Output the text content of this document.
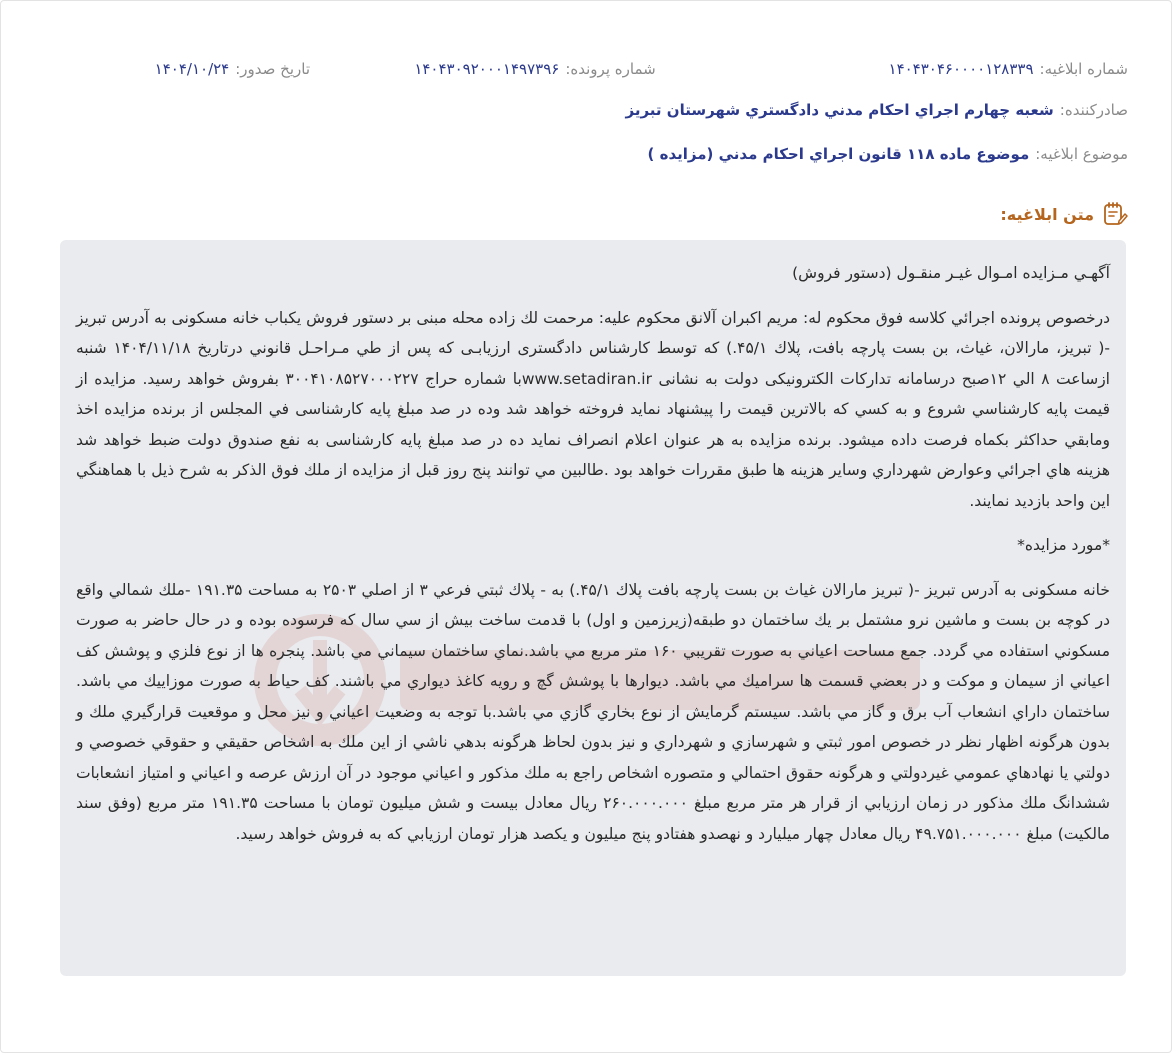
شماره ابلاغيه:
۱۴۰۴۳۰۴۶۰۰۰۰۱۲۸۳۳۹
شماره پرونده:
۱۴۰۴۳۰۹۲۰۰۰۱۴۹۷۳۹۶
تاريخ صدور:
۱۴۰۴/۱۰/۲۴
صادرکننده:
شعبه چهارم اجراي احكام مدني دادگستري شهرستان تبريز
موضوع ابلاغيه:
موضوع ماده ۱۱۸ قانون اجراي احكام مدني (مزايده )
متن ابلاغيه:

آگهـي مـزايده امـوال غيـر منقـول (دستور فروش)

درخصوص پرونده اجرائي كلاسه فوق محكوم له: مريم اكبران آلانق محكوم عليه: مرحمت لك زاده محله مبنی بر دستور فروش يكباب خانه مسكونی به آدرس تبريز -( تبريز، مارالان، غياث، بن بست پارچه بافت، پلاك ۴۵/۱.) كه توسط كارشناس دادگستری ارزيابـی كه پس از طي مـراحـل قانوني درتاريخ ۱۴۰۴/۱۱/۱۸ شنبه ازساعت ۸ الي ۱۲صبح درسامانه تداركات الكترونيكی دولت به نشانی www.setadiran.irبا شماره حراج ۳۰۰۴۱۰۸۵۲۷۰۰۰۲۲۷ بفروش خواهد رسيد. مزايده از قيمت پايه كارشناسي شروع و به كسي كه بالاترين قيمت را پيشنهاد نمايد فروخته خواهد شد وده در صد مبلغ پايه كارشناسی في المجلس از برنده مزايده اخذ ومابقي حداكثر بكماه فرصت داده ميشود. برنده مزايده به هر عنوان اعلام انصراف نمايد ده در صد مبلغ پايه كارشناسی به نفع صندوق دولت ضبط خواهد شد هزينه هاي اجرائي وعوارض شهرداري وساير هزينه ها طبق مقررات خواهد بود .طالبين مي توانند پنج روز قبل از مزايده از ملك فوق الذكر به شرح ذيل با هماهنگي اين واحد بازديد نمايند.

*مورد مزايده*

خانه مسكونی به آدرس تبريز -( تبريز مارالان غياث بن بست پارچه بافت پلاك ۴۵/۱.) به - پلاك ثبتي فرعي ۳ از اصلي ۲۵۰۳ به مساحت ۱۹۱.۳۵ -ملك شمالي واقع در كوچه بن بست و ماشين نرو مشتمل بر يك ساختمان دو طبقه(زيرزمين و اول) با قدمت ساخت بيش از سي سال كه فرسوده بوده و در حال حاضر به صورت مسكوني استفاده مي گردد. جمع مساحت اعياني به صورت تقريبي ۱۶۰ متر مربع مي باشد.نماي ساختمان سيماني مي باشد. پنجره ها از نوع فلزي و پوشش كف اعياني از سيمان و موكت و در بعضي قسمت ها سراميك مي باشد. ديوارها با پوشش گچ و رويه كاغذ ديواري مي باشند. كف حياط به صورت موزاييك مي باشد. ساختمان داراي انشعاب آب برق و گاز مي باشد. سيستم گرمايش از نوع بخاري گازي مي باشد.با توجه به وضعيت اعياني و نيز محل و موقعيت قرارگيري ملك و بدون هرگونه اظهار نظر در خصوص امور ثبتي و شهرسازي و شهرداري و نيز بدون لحاظ هرگونه بدهي ناشي از اين ملك به اشخاص حقيقي و حقوقي خصوصي و دولتي يا نهادهاي عمومي غيردولتي و هرگونه حقوق احتمالي و متصوره اشخاص راجع به ملك مذكور و اعياني موجود در آن ارزش عرصه و اعياني و امتياز انشعابات ششدانگ ملك مذكور در زمان ارزيابي از قرار هر متر مربع مبلغ ۲۶۰.۰۰۰.۰۰۰ ريال معادل بيست و شش ميليون تومان با مساحت ۱۹۱.۳۵ متر مربع (وفق سند مالكيت) مبلغ ۴۹.۷۵۱.۰۰۰.۰۰۰ ريال معادل چهار ميليارد و نهصدو هفتادو پنج ميليون و يكصد هزار تومان ارزيابي كه به فروش خواهد رسيد.
